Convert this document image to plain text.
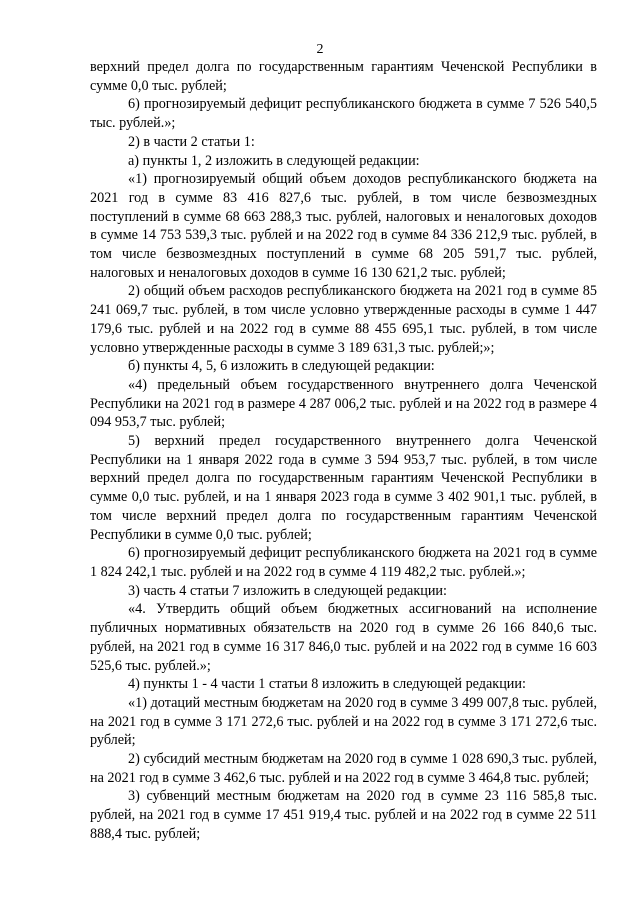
2

верхний предел долга по государственным гарантиям Чеченской Республики в сумме 0,0 тыс. рублей;

6) прогнозируемый дефицит республиканского бюджета в сумме 7 526 540,5 тыс. рублей.»;

2) в части 2 статьи 1:

а) пункты 1, 2 изложить в следующей редакции:

«1) прогнозируемый общий объем доходов республиканского бюджета на 2021 год в сумме 83 416 827,6 тыс. рублей, в том числе безвозмездных поступлений в сумме 68 663 288,3 тыс. рублей, налоговых и неналоговых доходов в сумме 14 753 539,3 тыс. рублей и на 2022 год в сумме 84 336 212,9 тыс. рублей, в том числе безвозмездных поступлений в сумме 68 205 591,7 тыс. рублей, налоговых и неналоговых доходов в сумме 16 130 621,2 тыс. рублей;

2) общий объем расходов республиканского бюджета на 2021 год в сумме 85 241 069,7 тыс. рублей, в том числе условно утвержденные расходы в сумме 1 447 179,6 тыс. рублей и на 2022 год в сумме 88 455 695,1 тыс. рублей, в том числе условно утвержденные расходы в сумме 3 189 631,3 тыс. рублей;»;

б) пункты 4, 5, 6 изложить в следующей редакции:

«4) предельный объем государственного внутреннего долга Чеченской Республики на 2021 год в размере 4 287 006,2 тыс. рублей и на 2022 год в размере 4 094 953,7 тыс. рублей;

5) верхний предел государственного внутреннего долга Чеченской Республики на 1 января 2022 года в сумме 3 594 953,7 тыс. рублей, в том числе верхний предел долга по государственным гарантиям Чеченской Республики в сумме 0,0 тыс. рублей, и на 1 января 2023 года в сумме 3 402 901,1 тыс. рублей, в том числе верхний предел долга по государственным гарантиям Чеченской Республики в сумме 0,0 тыс. рублей;

6) прогнозируемый дефицит республиканского бюджета на 2021 год в сумме 1 824 242,1 тыс. рублей и на 2022 год в сумме 4 119 482,2 тыс. рублей.»;

3) часть 4 статьи 7 изложить в следующей редакции:

«4. Утвердить общий объем бюджетных ассигнований на исполнение публичных нормативных обязательств на 2020 год в сумме 26 166 840,6 тыс. рублей, на 2021 год в сумме 16 317 846,0 тыс. рублей и на 2022 год в сумме 16 603 525,6 тыс. рублей.»;

4) пункты 1 - 4 части 1 статьи 8 изложить в следующей редакции:

«1) дотаций местным бюджетам на 2020 год в сумме 3 499 007,8 тыс. рублей, на 2021 год в сумме 3 171 272,6 тыс. рублей и на 2022 год в сумме 3 171 272,6 тыс. рублей;

2) субсидий местным бюджетам на 2020 год в сумме 1 028 690,3 тыс. рублей, на 2021 год в сумме 3 462,6 тыс. рублей и на 2022 год в сумме 3 464,8 тыс. рублей;

3) субвенций местным бюджетам на 2020 год в сумме 23 116 585,8 тыс. рублей, на 2021 год в сумме 17 451 919,4 тыс. рублей и на 2022 год в сумме 22 511 888,4 тыс. рублей;
